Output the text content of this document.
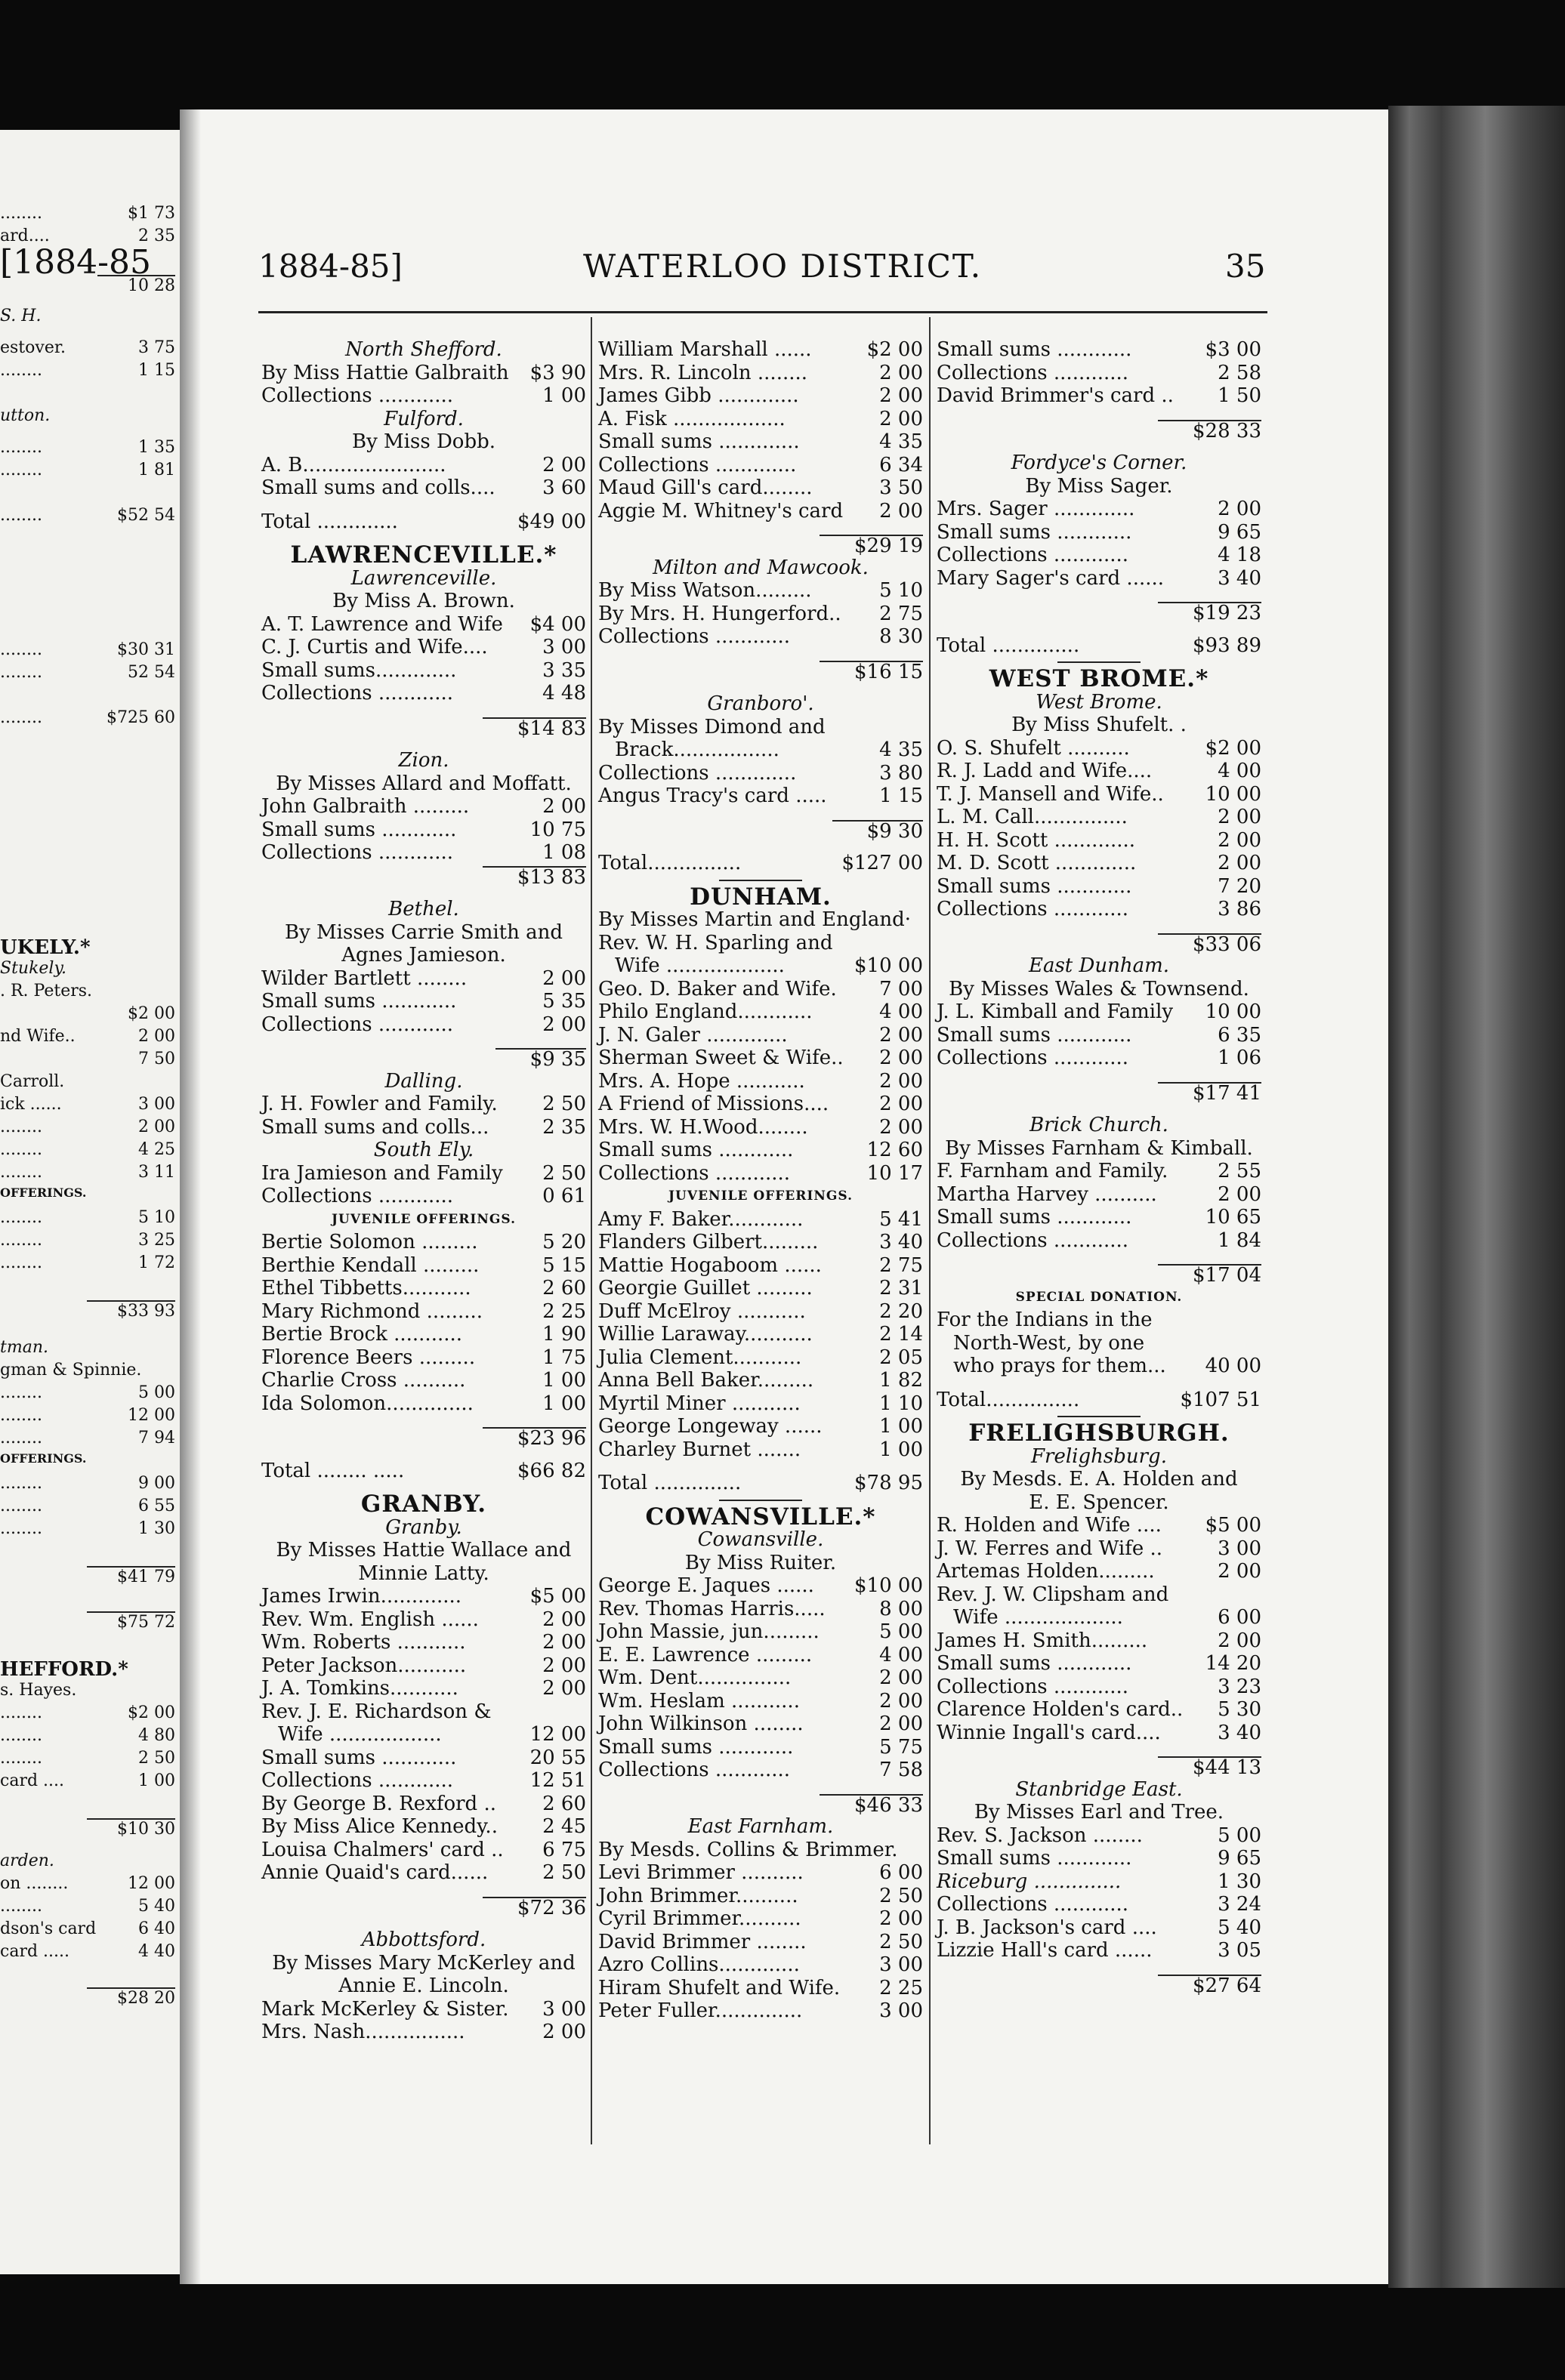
[1884-85
........	$1 73
ard....	2 35
10 28
S. H.
estover.	3 75
........	1 15
utton.
........	1 35
........	1 81
........	$52 54
........	$30 31
........	52 54
........	$725 60
UKELY.*
Stukely.
. R. Peters.
$2 00
nd Wife..	2 00
7 50
Carroll.
ick ......	3 00
........	2 00
........	4 25
........	3 11
OFFERINGS.
........	5 10
........	3 25
........	1 72
$33 93
tman.
gman & Spinnie.
........	5 00
........	12 00
........	7 94
OFFERINGS.
........	9 00
........	6 55
........	1 30
$41 79
$75 72
HEFFORD.*
s. Hayes.
........	$2 00
........	4 80
........	2 50
card ....	1 00
$10 30
arden.
on ........	12 00
........	5 40
dson's card	6 40
card .....	4 40
$28 20
1884-85]	WATERLOO DISTRICT.	35
North Shefford.
By Miss Hattie Galbraith $3 90
Collections ............	1 00
Fulford.
By Miss Dobb.
A. B.......................	2 00
Small sums and colls.... 3 60
Total .............	$49 00
LAWRENCEVILLE.*
Lawrenceville.
By Miss A. Brown.
A. T. Lawrence and Wife $4 00
C. J. Curtis and Wife....	3 00
Small sums.............	3 35
Collections ............	4 48
$14 83
Zion.
By Misses Allard and Moffatt.
John Galbraith .........	2 00
Small sums ............	10 75
Collections ............	1 08
$13 83
Bethel.
By Misses Carrie Smith and
Agnes Jamieson.
Wilder Bartlett ........	2 00
Small sums ............	5 35
Collections ............	2 00
$9 35
Dalling.
J. H. Fowler and Family. 2 50
Small sums and colls...	2 35
South Ely.
Ira Jamieson and Family 2 50
Collections ............	0 61
JUVENILE OFFERINGS.
Bertie Solomon .........	5 20
Berthie Kendall .........	5 15
Ethel Tibbetts...........	2 60
Mary Richmond .........	2 25
Bertie Brock ...........	1 90
Florence Beers .........	1 75
Charlie Cross ..........	1 00
Ida Solomon..............	1 00
$23 96
Total ........ .....	$66 82
GRANBY.
Granby.
By Misses Hattie Wallace and
Minnie Latty.
James Irwin.............	$5 00
Rev. Wm. English ......	2 00
Wm. Roberts ...........	2 00
Peter Jackson...........	2 00
J. A. Tomkins...........	2 00
Rev. J. E. Richardson &
Wife ..................	12 00
Small sums ............	20 55
Collections ............	12 51
By George B. Rexford .. 2 60
By Miss Alice Kennedy.. 2 45
Louisa Chalmers' card .. 6 75
Annie Quaid's card......	2 50
$72 36
Abbottsford.
By Misses Mary McKerley and
Annie E. Lincoln.
Mark McKerley & Sister. 3 00
Mrs. Nash................	2 00
William Marshall ......	$2 00
Mrs. R. Lincoln ........	2 00
James Gibb .............	2 00
A. Fisk ..................	2 00
Small sums .............	4 35
Collections .............	6 34
Maud Gill's card........	3 50
Aggie M. Whitney's card 2 00
$29 19
Milton and Mawcook.
By Miss Watson.........	5 10
By Mrs. H. Hungerford.. 2 75
Collections ............	8 30
$16 15
Granboro'.
By Misses Dimond and
Brack.................	4 35
Collections .............	3 80
Angus Tracy's card .....	1 15
$9 30
Total...............	$127 00
DUNHAM.
By Misses Martin and England·
Rev. W. H. Sparling and
Wife ...................	$10 00
Geo. D. Baker and Wife. 7 00
Philo England............	4 00
J. N. Galer .............	2 00
Sherman Sweet & Wife.. 2 00
Mrs. A. Hope ...........	2 00
A Friend of Missions....	2 00
Mrs. W. H.Wood........	2 00
Small sums ............	12 60
Collections ............	10 17
JUVENILE OFFERINGS.
Amy F. Baker............	5 41
Flanders Gilbert.........	3 40
Mattie Hogaboom ......	2 75
Georgie Guillet .........	2 31
Duff McElroy ...........	2 20
Willie Laraway...........	2 14
Julia Clement...........	2 05
Anna Bell Baker.........	1 82
Myrtil Miner ...........	1 10
George Longeway ......	1 00
Charley Burnet .......	1 00
Total ..............	$78 95
COWANSVILLE.*
Cowansville.
By Miss Ruiter.
George E. Jaques ...... $10 00
Rev. Thomas Harris.....	8 00
John Massie, jun.........	5 00
E. E. Lawrence .........	4 00
Wm. Dent...............	2 00
Wm. Heslam ...........	2 00
John Wilkinson ........	2 00
Small sums ............	5 75
Collections ............	7 58
$46 33
East Farnham.
By Mesds. Collins & Brimmer.
Levi Brimmer ..........	6 00
John Brimmer..........	2 50
Cyril Brimmer..........	2 00
David Brimmer ........	2 50
Azro Collins.............	3 00
Hiram Shufelt and Wife. 2 25
Peter Fuller..............	3 00
Small sums ............	$3 00
Collections ............	2 58
David Brimmer's card .. 1 50
$28 33
Fordyce's Corner.
By Miss Sager.
Mrs. Sager .............	2 00
Small sums ............	9 65
Collections ............	4 18
Mary Sager's card ......	3 40
$19 23
Total ..............	$93 89
WEST BROME.*
West Brome.
By Miss Shufelt. .
O. S. Shufelt ..........	$2 00
R. J. Ladd and Wife....	4 00
T. J. Mansell and Wife.. 10 00
L. M. Call...............	2 00
H. H. Scott .............	2 00
M. D. Scott .............	2 00
Small sums ............	7 20
Collections ............	3 86
$33 06
East Dunham.
By Misses Wales & Townsend.
J. L. Kimball and Family 10 00
Small sums ............	6 35
Collections ............	1 06
$17 41
Brick Church.
By Misses Farnham & Kimball.
F. Farnham and Family.	2 55
Martha Harvey ..........	2 00
Small sums ............	10 65
Collections ............	1 84
$17 04
SPECIAL DONATION.
For the Indians in the
North-West, by one
who prays for them... 40 00
Total...............	$107 51
FRELIGHSBURGH.
Frelighsburg.
By Mesds. E. A. Holden and
E. E. Spencer.
R. Holden and Wife .... $5 00
J. W. Ferres and Wife ..	3 00
Artemas Holden.........	2 00
Rev. J. W. Clipsham and
Wife ...................	6 00
James H. Smith.........	2 00
Small sums ............	14 20
Collections ............	3 23
Clarence Holden's card.. 5 30
Winnie Ingall's card....	3 40
$44 13
Stanbridge East.
By Misses Earl and Tree.
Rev. S. Jackson ........	5 00
Small sums ............	9 65
Riceburg ..............	1 30
Collections ............	3 24
J. B. Jackson's card ....	5 40
Lizzie Hall's card ......	3 05
$27 64
